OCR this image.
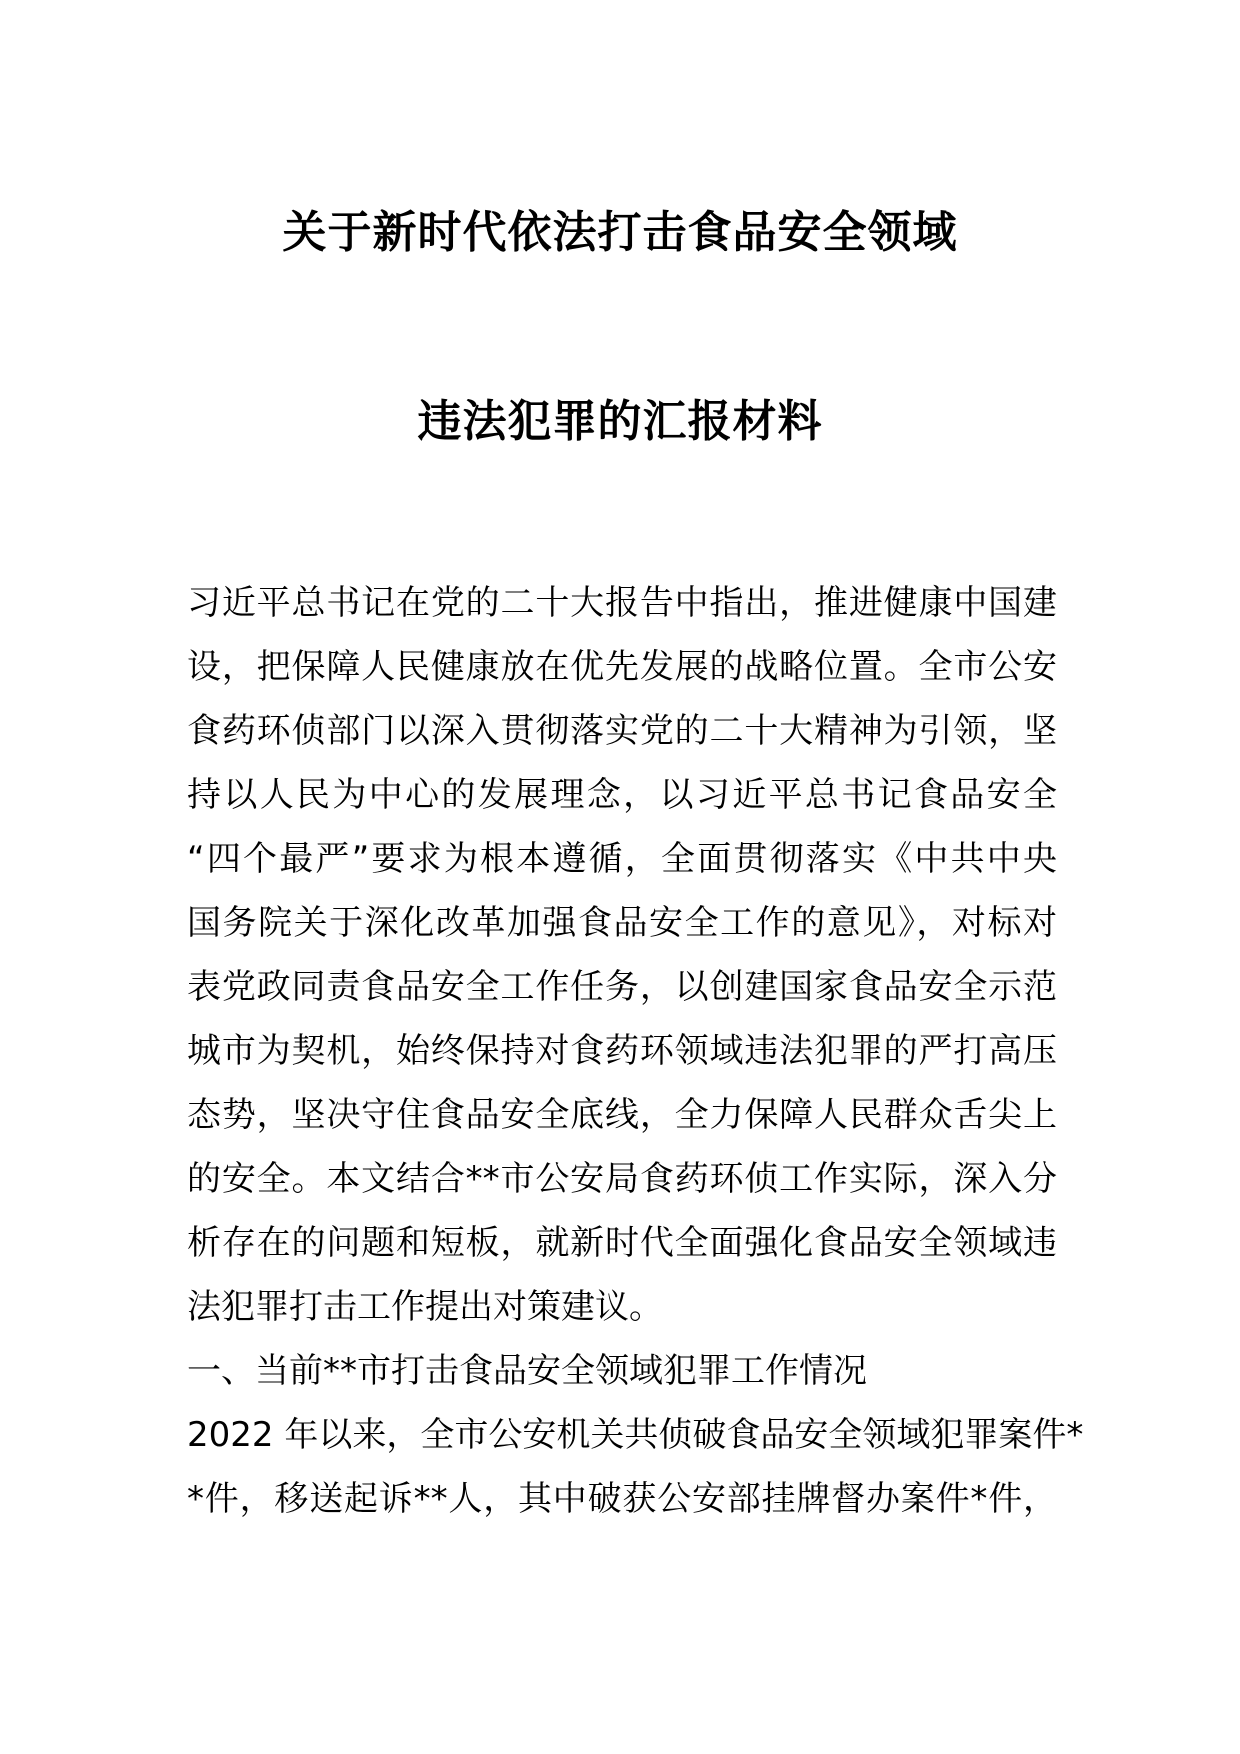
关于新时代依法打击食品安全领域
违法犯罪的汇报材料
习近平总书记在党的二十大报告中指出，推进健康中国建
设，把保障人民健康放在优先发展的战略位置。全市公安
食药环侦部门以深入贯彻落实党的二十大精神为引领，坚
持以人民为中心的发展理念，以习近平总书记食品安全
“四个最严”要求为根本遵循，全面贯彻落实《中共中央
国务院关于深化改革加强食品安全工作的意见》，对标对
表党政同责食品安全工作任务，以创建国家食品安全示范
城市为契机，始终保持对食药环领域违法犯罪的严打高压
态势，坚决守住食品安全底线，全力保障人民群众舌尖上
的安全。本文结合**市公安局食药环侦工作实际，深入分
析存在的问题和短板，就新时代全面强化食品安全领域违
法犯罪打击工作提出对策建议。
一、当前**市打击食品安全领域犯罪工作情况
2022 年以来，全市公安机关共侦破食品安全领域犯罪案件*
*件，移送起诉**人，其中破获公安部挂牌督办案件*件，
